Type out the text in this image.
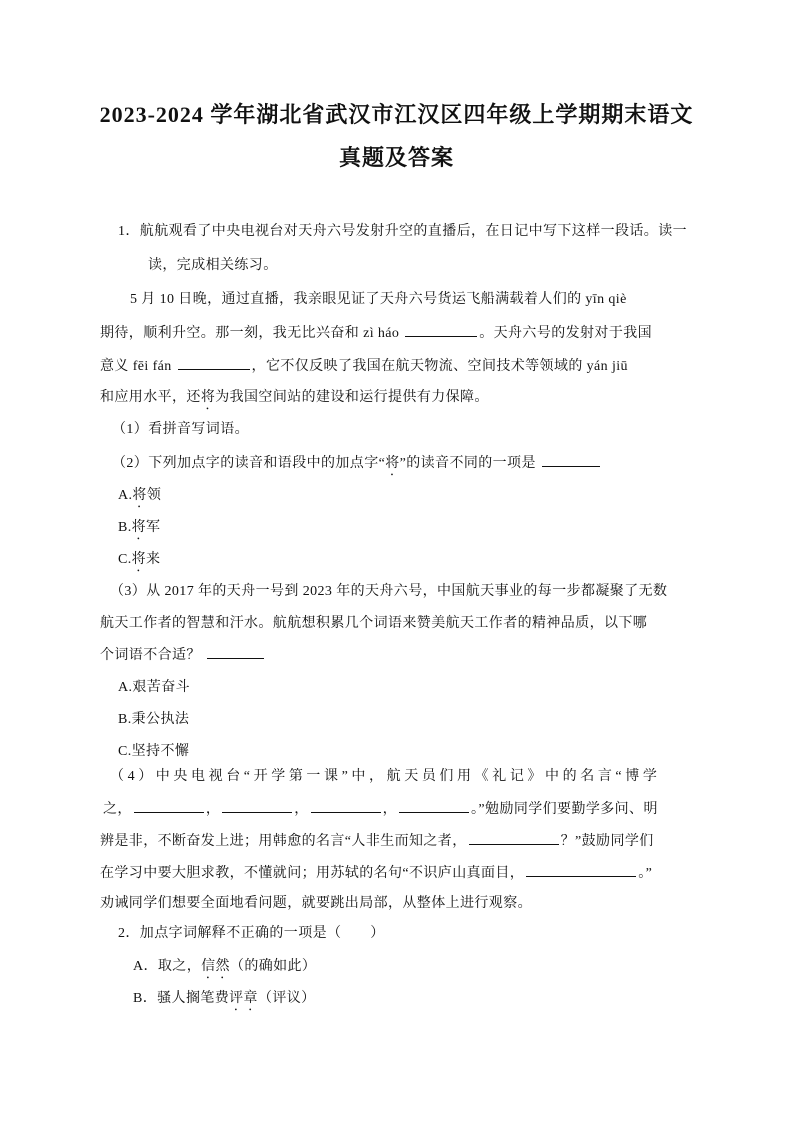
2023-2024 学年湖北省武汉市江汉区四年级上学期期末语文
真题及答案
1．航航观看了中央电视台对天舟六号发射升空的直播后，在日记中写下这样一段话。读一
读，完成相关练习。
5 月 10 日晚，通过直播，我亲眼见证了天舟六号货运飞船满载着人们的 yīn qiè
期待，顺利升空。那一刻，我无比兴奋和 zì háo	。天舟六号的发射对于我国
意义 fēi fán	，它不仅反映了我国在航天物流、空间技术等领域的 yán jiū
和应用水平，还将为我国空间站的建设和运行提供有力保障。
（1）看拼音写词语。
（2）下列加点字的读音和语段中的加点字“将”的读音不同的一项是
A.将领
B.将军
C.将来
（3）从 2017 年的天舟一号到 2023 年的天舟六号，中国航天事业的每一步都凝聚了无数
航天工作者的智慧和汗水。航航想积累几个词语来赞美航天工作者的精神品质，以下哪
个词语不合适？
A.艰苦奋斗
B.秉公执法
C.坚持不懈
（4）中央电视台“开学第一课”中，航天员们用《礼记》中的名言“博学
之，	，	，	，	。”勉励同学们要勤学多问、明
辨是非，不断奋发上进；用韩愈的名言“人非生而知之者，	？”鼓励同学们
在学习中要大胆求教，不懂就问；用苏轼的名句“不识庐山真面目，	。”
劝诫同学们想要全面地看问题，就要跳出局部，从整体上进行观察。
2．加点字词解释不正确的一项是（　　）
A．取之，信然（的确如此）
B．骚人搁笔费评章（评议）
